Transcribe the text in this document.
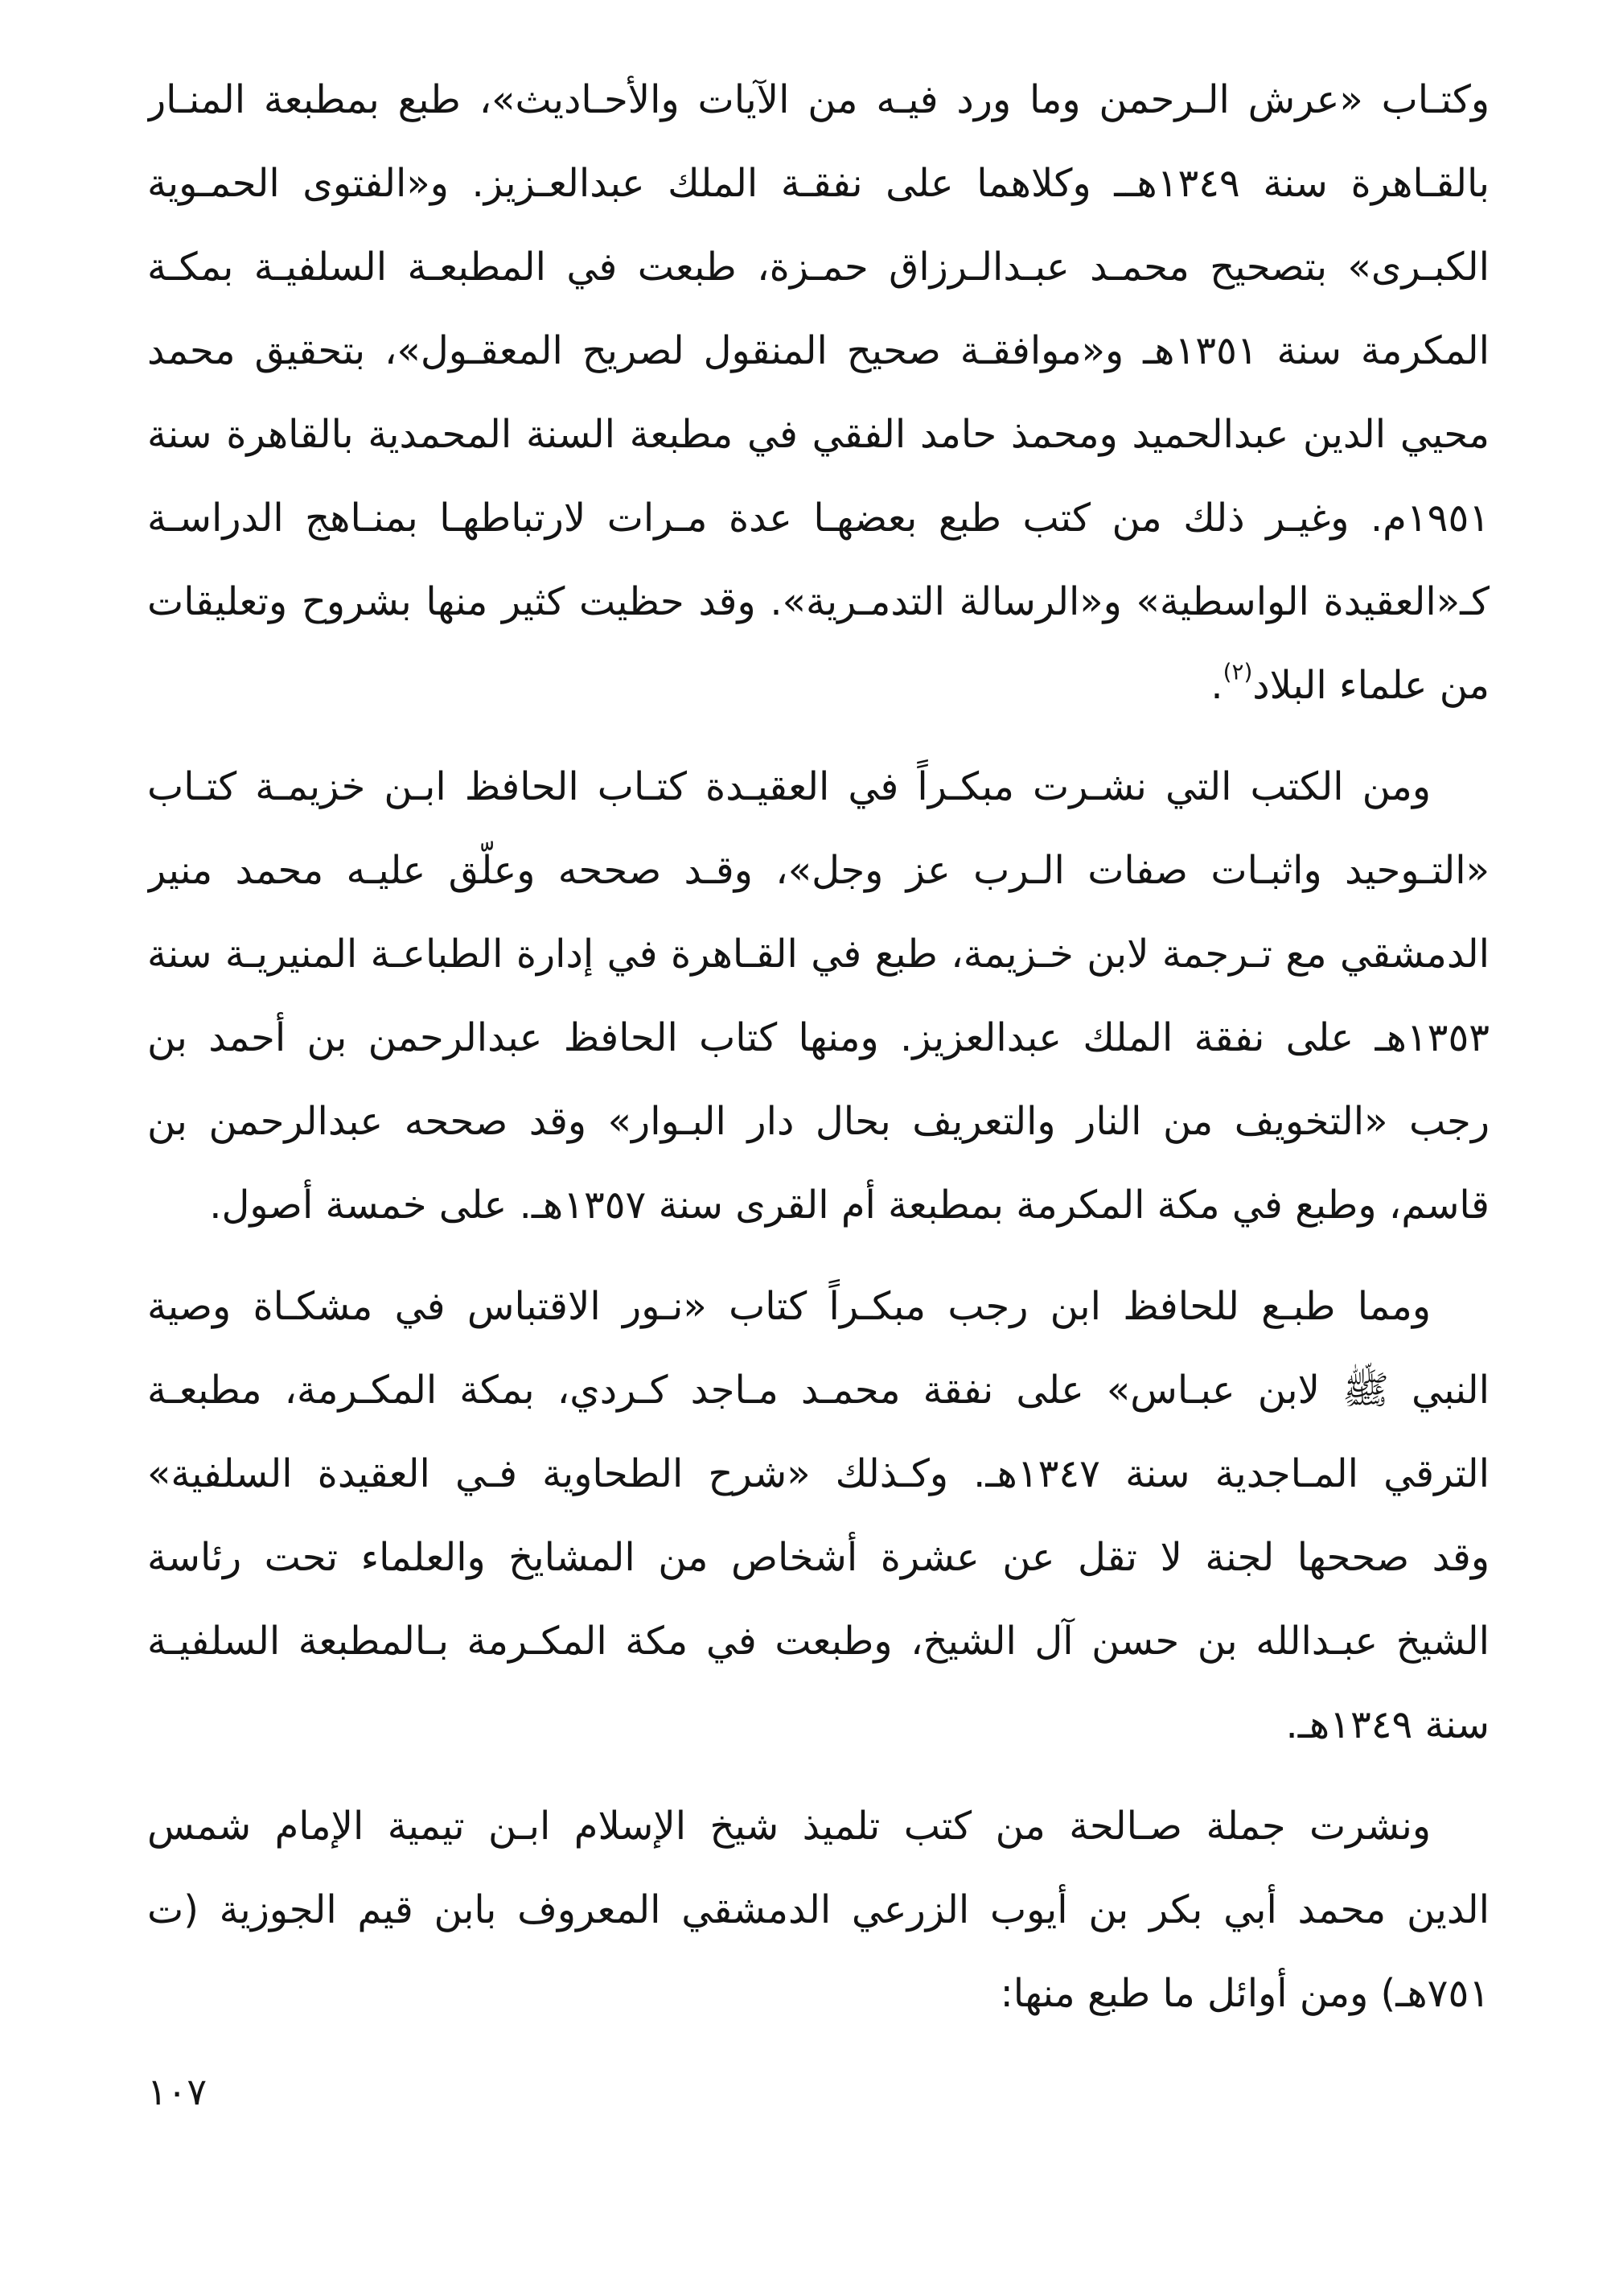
وكتـاب «عرش الـرحمن وما ورد فيـه من الآيات والأحـاديث»، طبع بمطبعة المنـار
بالقـاهرة سنة ١٣٤٩هــ وكلاهما على نفقـة الملك عبدالعـزيز. و«الفتوى الحمـوية
الكبـرى» بتصحيح محمـد عبـدالـرزاق حمـزة، طبعت في المطبعـة السلفيـة بمكـة
المكرمة سنة ١٣٥١هـ و«موافقـة صحيح المنقول لصريح المعقـول»، بتحقيق محمد
محيي الدين عبدالحميد ومحمذ حامد الفقي في مطبعة السنة المحمدية بالقاهرة سنة
١٩٥١م. وغيـر ذلك من كتب طبع بعضهـا عدة مـرات لارتباطهـا بمنـاهج الدراسـة
كـ«العقيدة الواسطية» و«الرسالة التدمـرية». وقد حظيت كثير منها بشروح وتعليقات
من علماء البلاد$^{(٢)}$.
ومن الكتب التي نشـرت مبكـراً في العقيـدة كتـاب الحافظ ابـن خزيمـة كتـاب
«التـوحيد واثبـات صفات الـرب عز وجل»، وقـد صححه وعلّق عليـه محمد منير
الدمشقي مع تـرجمة لابن خـزيمة، طبع في القـاهرة في إدارة الطباعـة المنيريـة سنة
١٣٥٣هـ على نفقة الملك عبدالعزيز. ومنها كتاب الحافظ عبدالرحمن بن أحمد بن
رجب «التخويف من النار والتعريف بحال دار البـوار» وقد صححه عبدالرحمن بن
قاسم، وطبع في مكة المكرمة بمطبعة أم القرى سنة ١٣٥٧هـ. على خمسة أصول.
ومما طبـع للحافظ ابن رجب مبكـراً كتاب «نـور الاقتباس في مشكـاة وصية
النبي ﷺ لابن عبـاس» على نفقة محمـد مـاجد كـردي، بمكة المكـرمة، مطبعـة
الترقي المـاجدية سنة ١٣٤٧هـ. وكـذلك «شرح الطحاوية فـي العقيدة السلفية»
وقد صححها لجنة لا تقل عن عشرة أشخاص من المشايخ والعلماء تحت رئاسة
الشيخ عبـدالله بن حسن آل الشيخ، وطبعت في مكة المكـرمة بـالمطبعة السلفيـة
سنة ١٣٤٩هـ.
ونشرت جملة صـالحة من كتب تلميذ شيخ الإسلام ابـن تيمية الإمام شمس
الدين محمد أبي بكر بن أيوب الزرعي الدمشقي المعروف بابن قيم الجوزية (ت
٧٥١هـ) ومن أوائل ما طبع منها:
١٠٧
